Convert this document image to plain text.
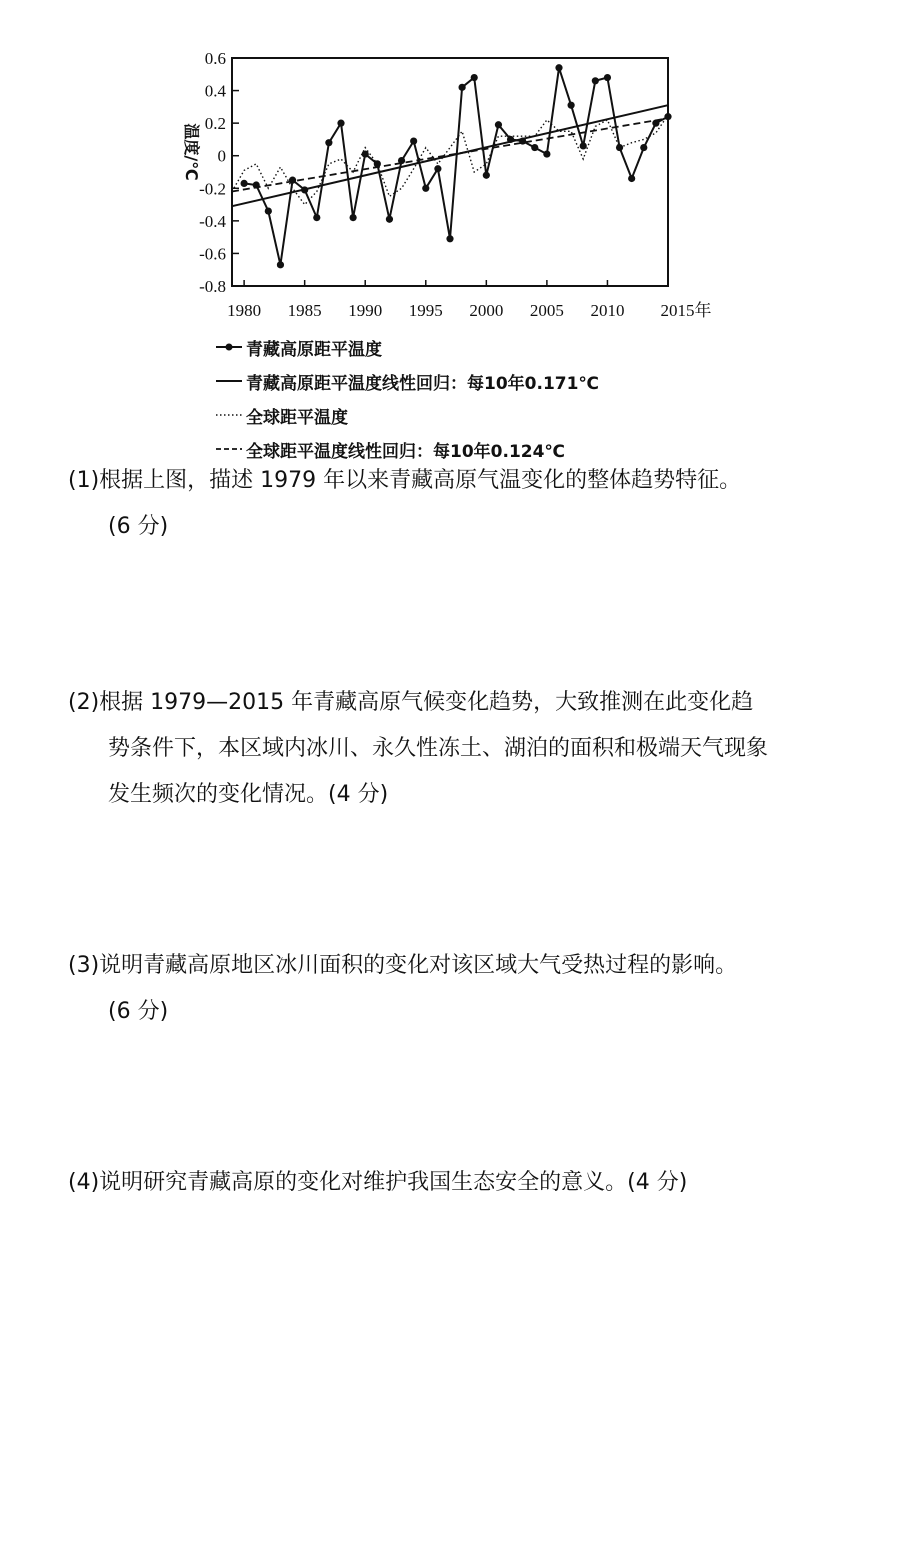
0.6
0.4
0.2
0
-0.2
-0.4
-0.6
-0.8
1980 1985 1990 1995 2000 2005 2010 2015年
温度/℃
青藏高原距平温度
青藏高原距平温度线性回归：每10年0.171℃
全球距平温度
全球距平温度线性回归：每10年0.124℃
(1)根据上图，描述 1979 年以来青藏高原气温变化的整体趋势特征。
(6 分)
(2)根据 1979—2015 年青藏高原气候变化趋势，大致推测在此变化趋
势条件下，本区域内冰川、永久性冻土、湖泊的面积和极端天气现象
发生频次的变化情况。(4 分)
(3)说明青藏高原地区冰川面积的变化对该区域大气受热过程的影响。
(6 分)
(4)说明研究青藏高原的变化对维护我国生态安全的意义。(4 分)
